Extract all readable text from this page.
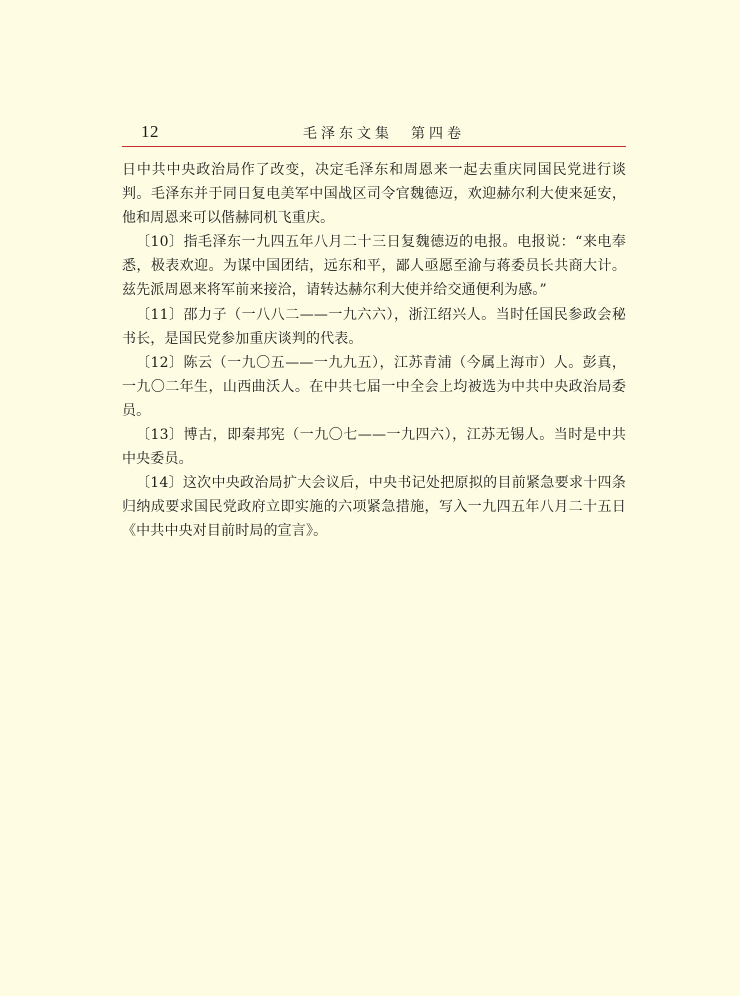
12	毛泽东文集　第四卷

日中共中央政治局作了改变，决定毛泽东和周恩来一起去重庆同国民党进行谈判。毛泽东并于同日复电美军中国战区司令官魏德迈，欢迎赫尔利大使来延安，他和周恩来可以偕赫同机飞重庆。

〔10〕指毛泽东一九四五年八月二十三日复魏德迈的电报。电报说：“来电奉悉，极表欢迎。为谋中国团结，远东和平，鄙人亟愿至渝与蒋委员长共商大计。兹先派周恩来将军前来接洽，请转达赫尔利大使并给交通便利为感。”

〔11〕邵力子（一八八二——一九六六），浙江绍兴人。当时任国民参政会秘书长，是国民党参加重庆谈判的代表。

〔12〕陈云（一九〇五——一九九五），江苏青浦（今属上海市）人。彭真，一九〇二年生，山西曲沃人。在中共七届一中全会上均被选为中共中央政治局委员。

〔13〕博古，即秦邦宪（一九〇七——一九四六），江苏无锡人。当时是中共中央委员。

〔14〕这次中央政治局扩大会议后，中央书记处把原拟的目前紧急要求十四条归纳成要求国民党政府立即实施的六项紧急措施，写入一九四五年八月二十五日《中共中央对目前时局的宣言》。
